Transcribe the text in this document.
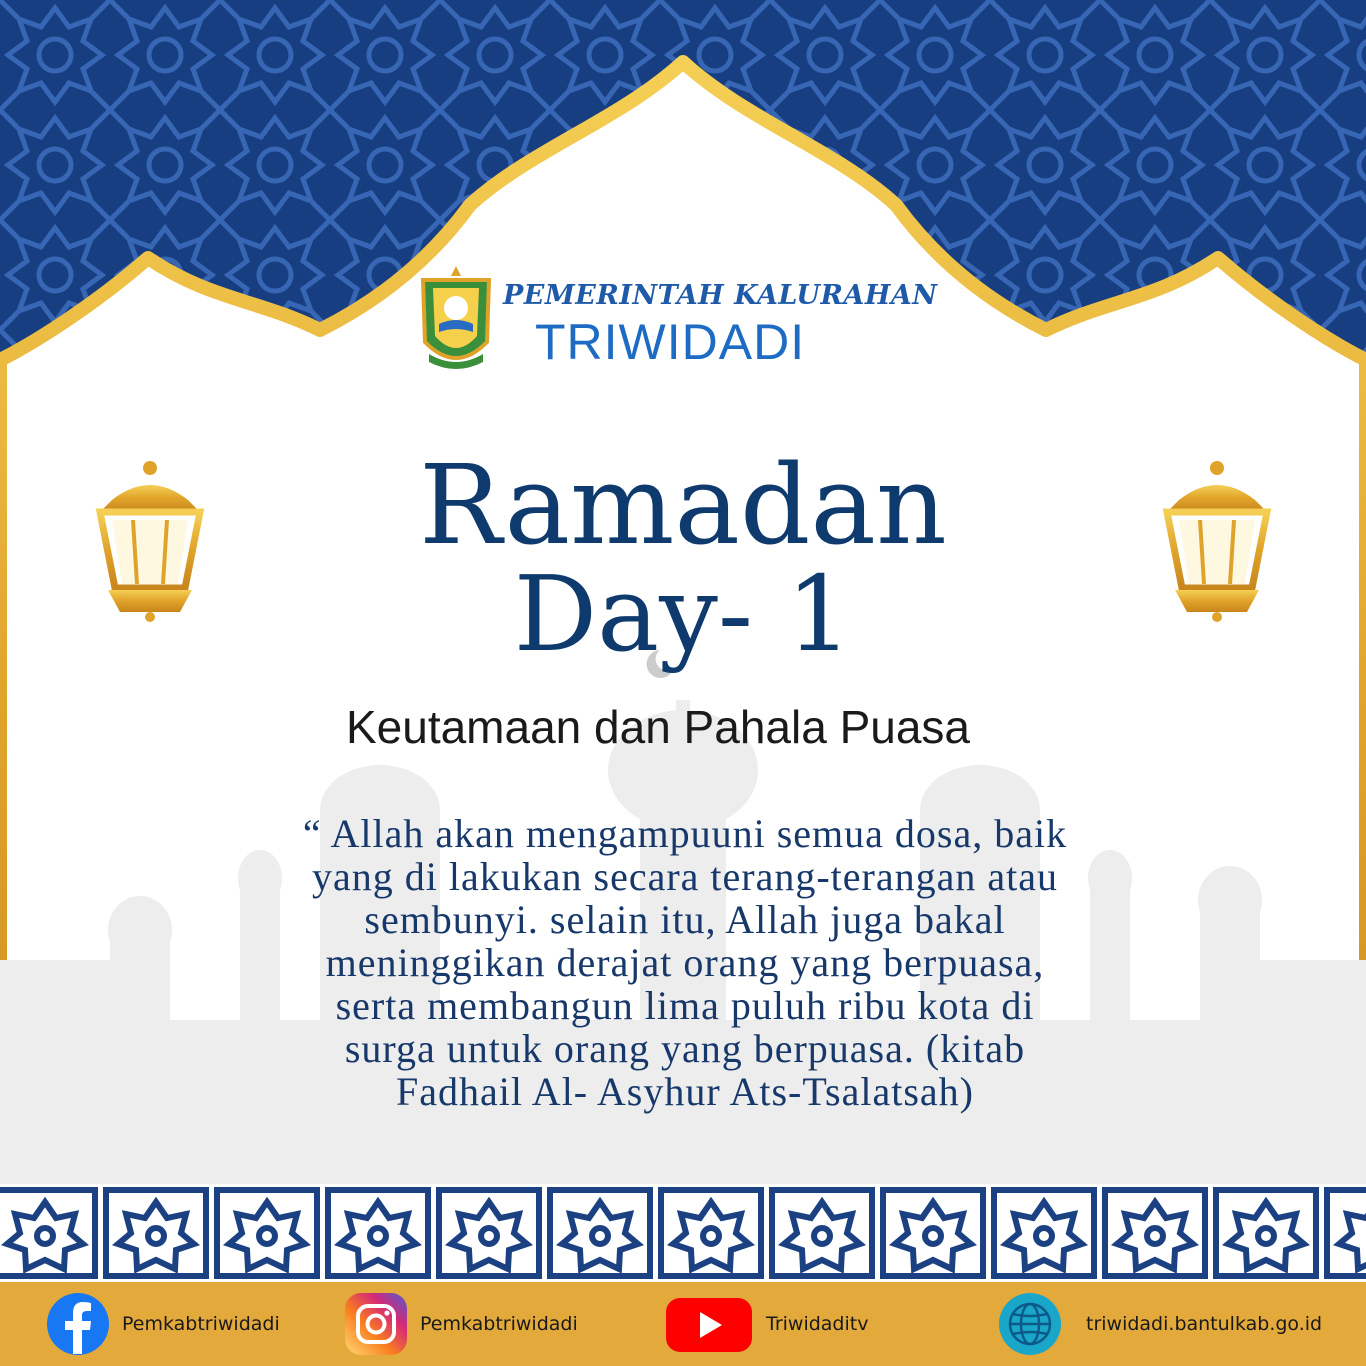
PEMERINTAH KALURAHAN
TRIWIDADI
Ramadan
Day- 1
Keutamaan dan Pahala Puasa
“ Allah akan mengampuuni semua dosa, baik
yang di lakukan secara terang-terangan atau
sembunyi. selain itu, Allah juga bakal
meninggikan derajat orang yang berpuasa,
serta membangun lima puluh ribu kota di
surga untuk orang yang berpuasa. (kitab
Fadhail Al- Asyhur Ats-Tsalatsah)
Pemkabtriwidadi	Pemkabtriwidadi	Triwidaditv	triwidadi.bantulkab.go.id
